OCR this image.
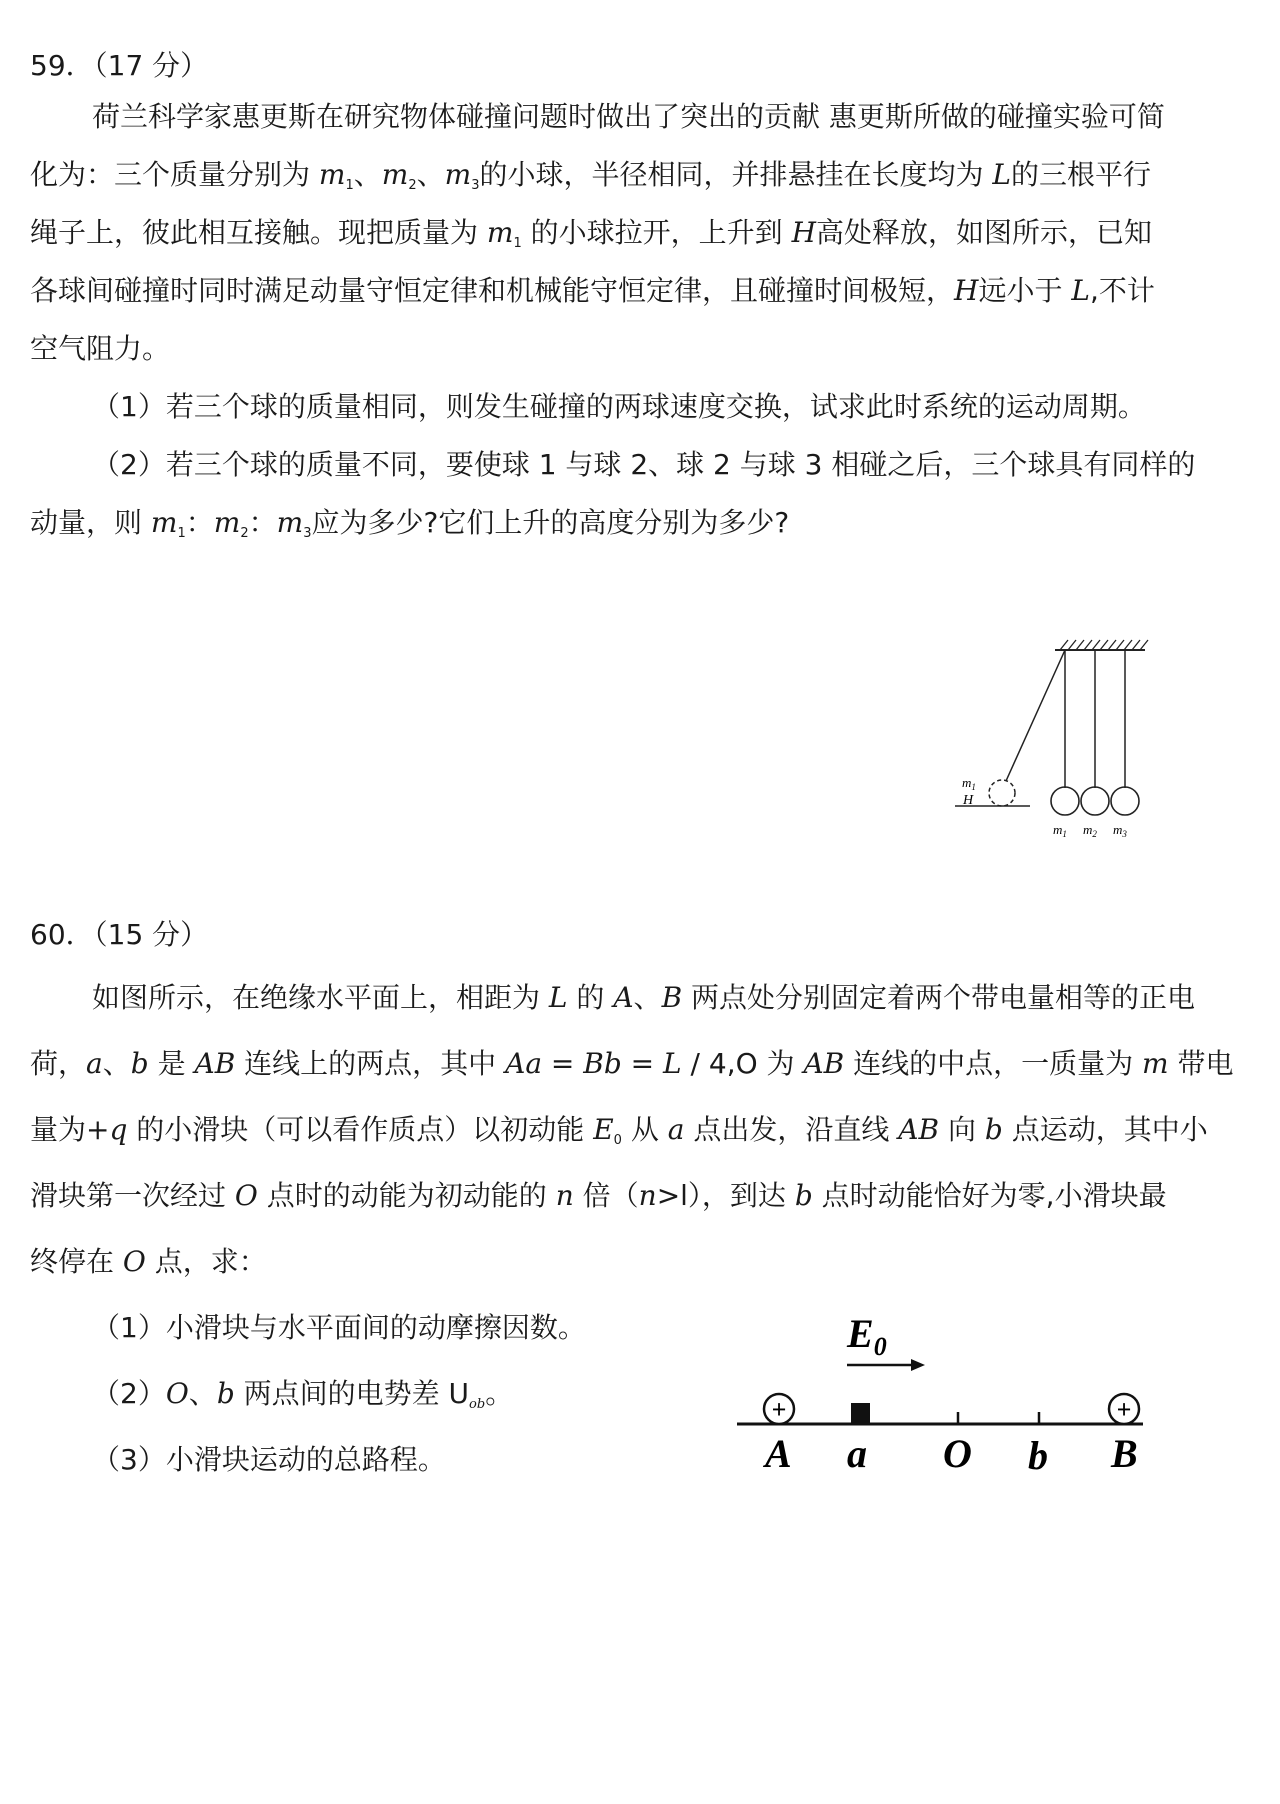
59．（17 分）
荷兰科学家惠更斯在研究物体碰撞问题时做出了突出的贡献 惠更斯所做的碰撞实验可简
化为：三个质量分别为 $m_1$、$m_2$、$m_3$的小球，半径相同，并排悬挂在长度均为 L的三根平行
绳子上，彼此相互接触。现把质量为 $m_1$ 的小球拉开，上升到 H高处释放，如图所示，已知
各球间碰撞时同时满足动量守恒定律和机械能守恒定律，且碰撞时间极短，H远小于 L,不计
空气阻力。
（1）若三个球的质量相同，则发生碰撞的两球速度交换，试求此时系统的运动周期。
（2）若三个球的质量不同，要使球 1 与球 2、球 2 与球 3 相碰之后，三个球具有同样的
动量，则 $m_1$：$m_2$：$m_3$应为多少?它们上升的高度分别为多少?
$m_1$
H
$m_1$ $m_2$ $m_3$
60．（15 分）
如图所示，在绝缘水平面上，相距为 L 的 A、B 两点处分别固定着两个带电量相等的正电
荷，a、b 是 AB 连线上的两点，其中 Aa = Bb = L / 4,O 为 AB 连线的中点，一质量为 m 带电
量为+q 的小滑块（可以看作质点）以初动能 $E_0$ 从 a 点出发，沿直线 AB 向 b 点运动，其中小
滑块第一次经过 O 点时的动能为初动能的 n 倍（n>l），到达 b 点时动能恰好为零,小滑块最
终停在 O 点，求：
（1）小滑块与水平面间的动摩擦因数。
（2）O、b 两点间的电势差 $U_{ob}$。
（3）小滑块运动的总路程。
$E_0$
+	+
A a O b B
